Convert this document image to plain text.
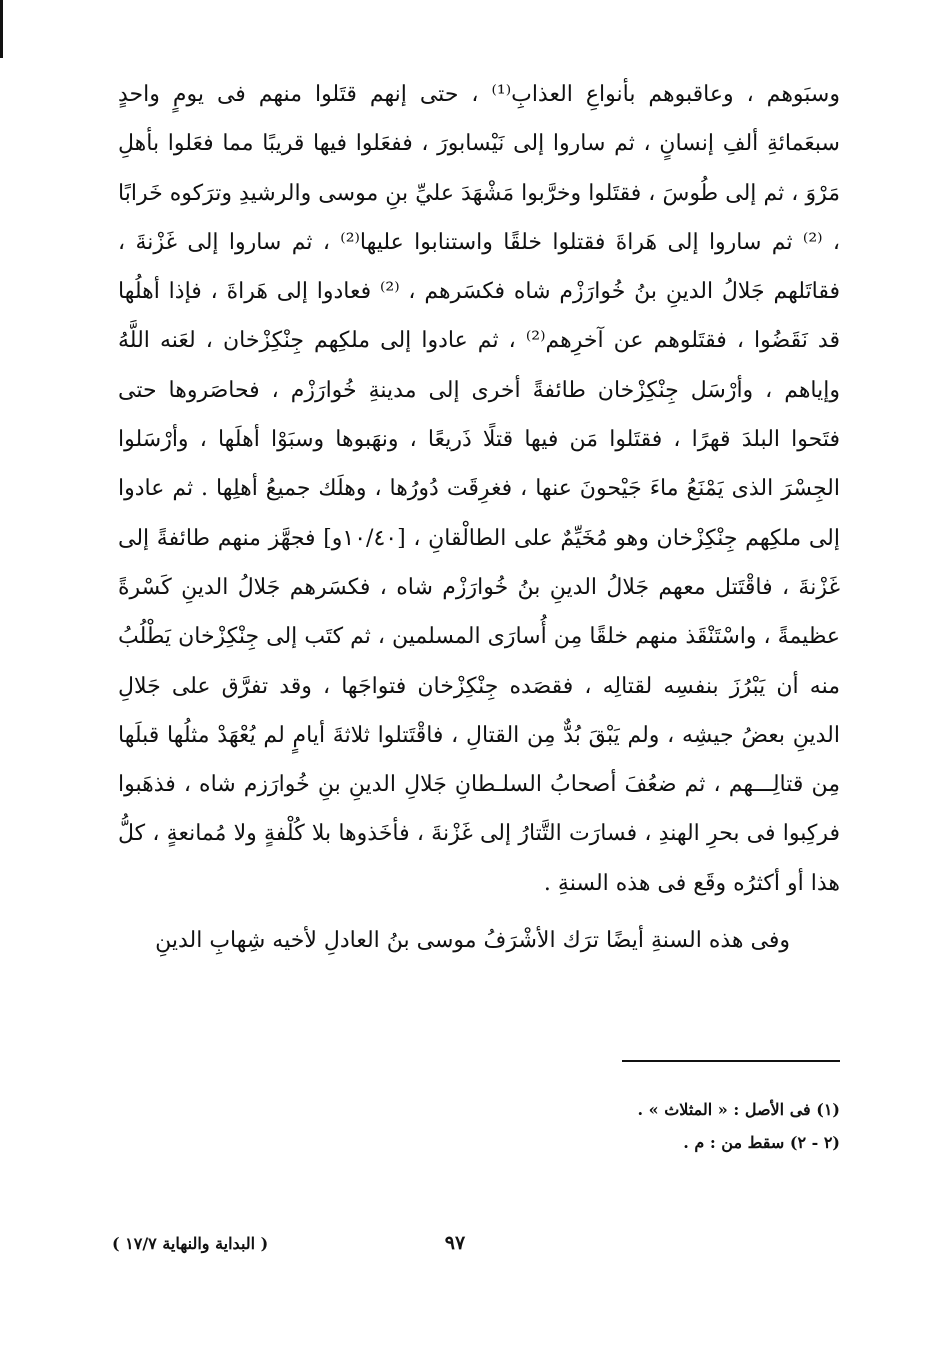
وسبَوهم ، وعاقبوهم بأنواعِ العذابِ⁽¹⁾ ، حتى إنهم قتَلوا منهم فى يومٍ واحدٍ سبعَمائةِ ألفِ إنسانٍ ، ثم ساروا إلى نَيْسابورَ ، ففعَلوا فيها قريبًا مما فعَلوا بأهلِ مَرْوَ ، ثم إلى طُوسَ ، فقتَلوا وخرَّبوا مَشْهَدَ عليِّ بنِ موسى والرشيدِ وترَكوه خَرابًا ، ⁽²⁾ ثم ساروا إلى هَراةَ فقتلوا خلقًا واستنابوا عليها⁽²⁾ ، ثم ساروا إلى غَزْنةَ ، فقاتَلهم جَلالُ الدينِ بنُ خُوارَزْم شاه فكسَرهم ، ⁽²⁾ فعادوا إلى هَراةَ ، فإذا أهلُها قد نَقَضُوا ، فقتَلوهم عن آخرِهم⁽²⁾ ، ثم عادوا إلى ملكِهم جِنْكِزْخان ، لعَنه اللَّهُ وإياهم ، وأرْسَل جِنْكِزْخان طائفةً أخرى إلى مدينةِ خُوارَزْم ، فحاصَروها حتى فتَحوا البلدَ قهرًا ، فقتَلوا مَن فيها قتلًا ذَريعًا ، ونهَبوها وسبَوْا أهلَها ، وأرْسَلوا الجِسْرَ الذى يَمْنَعُ ماءَ جَيْحونَ عنها ، فغرِقَت دُورُها ، وهلَك جميعُ أهلِها . ثم عادوا إلى ملكِهم جِنْكِزْخان وهو مُخَيِّمٌ على الطالْقانِ ، [١٠/٤٠و] فجهَّز منهم طائفةً إلى غَزْنةَ ، فاقْتَتل معهم جَلالُ الدينِ بنُ خُوارَزْم شاه ، فكسَرهم جَلالُ الدينِ كَسْرةً عظيمةً ، واسْتَنْقَذ منهم خلقًا مِن أُسارَى المسلمين ، ثم كتَب إلى جِنْكِزْخان يَطْلُبُ منه أن يَبْرُزَ بنفسِه لقتالِه ، فقصَده جِنْكِزْخان فتواجَها ، وقد تفرَّق على جَلالِ الدينِ بعضُ جيشِه ، ولم يَبْقَ بُدٌّ مِن القتالِ ، فاقْتَتلوا ثلاثةَ أيامٍ لم يُعْهَدْ مثلُها قبلَها مِن قتالِـــهم ، ثم ضعُفَ أصحابُ السلـطانِ جَلالِ الدينِ بنِ خُوارَزم شاه ، فذهَبوا فركِبوا فى بحرِ الهندِ ، فسارَت التَّتارُ إلى غَزْنةَ ، فأخَذوها بلا كُلْفةٍ ولا مُمانعةٍ ، كلُّ هذا أو أكثرُه وقَع فى هذه السنةِ .

وفى هذه السنةِ أيضًا ترَك الأشْرَفُ موسى بنُ العادلِ لأخيه شِهابِ الدينِ

(١) فى الأصل : « المثلاث » .

(٢ - ٢) سقط من : م .

( البداية والنهاية ١٧/٧ )	٩٧
